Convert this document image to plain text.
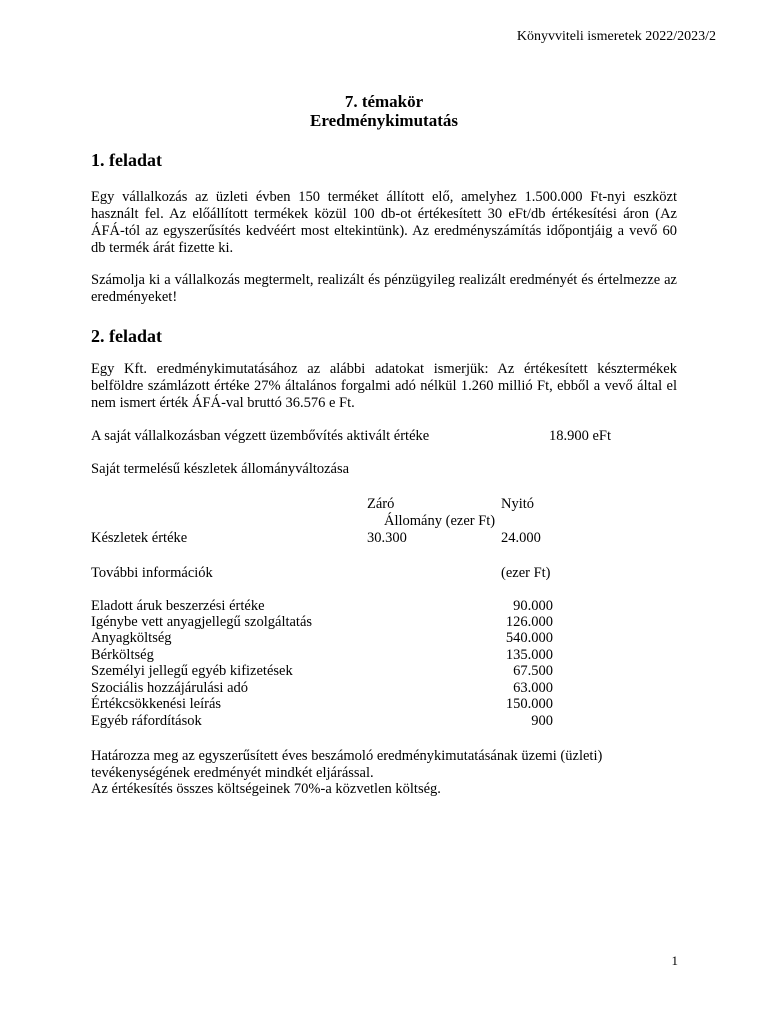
Könyvviteli ismeretek 2022/2023/2
7. témakör
Eredménykimutatás
1. feladat
Egy vállalkozás az üzleti évben 150 terméket állított elő, amelyhez 1.500.000 Ft-nyi eszközt használt fel. Az előállított termékek közül 100 db-ot értékesített 30 eFt/db értékesítési áron (Az ÁFÁ-tól az egyszerűsítés kedvéért most eltekintünk). Az eredményszámítás időpontjáig a vevő 60 db termék árát fizette ki.
Számolja ki a vállalkozás megtermelt, realizált és pénzügyileg realizált eredményét és értelmezze az eredményeket!
2. feladat
Egy Kft. eredménykimutatásához az alábbi adatokat ismerjük: Az értékesített késztermékek belföldre számlázott értéke 27% általános forgalmi adó nélkül 1.260 millió Ft, ebből a vevő által el nem ismert érték ÁFÁ-val bruttó 36.576 e Ft.
A saját vállalkozásban végzett üzembővítés aktivált értéke	18.900 eFt
Saját termelésű készletek állományváltozása
Záró	Nyitó
Állomány (ezer Ft)
Készletek értéke	30.300	24.000
További információk	(ezer Ft)
Eladott áruk beszerzési értéke	90.000
Igénybe vett anyagjellegű szolgáltatás	126.000
Anyagköltség	540.000
Bérköltség	135.000
Személyi jellegű egyéb kifizetések	67.500
Szociális hozzájárulási adó	63.000
Értékcsökkenési leírás	150.000
Egyéb ráfordítások	900
Határozza meg az egyszerűsített éves beszámoló eredménykimutatásának üzemi (üzleti) tevékenységének eredményét mindkét eljárással.
Az értékesítés összes költségeinek 70%-a közvetlen költség.
1
